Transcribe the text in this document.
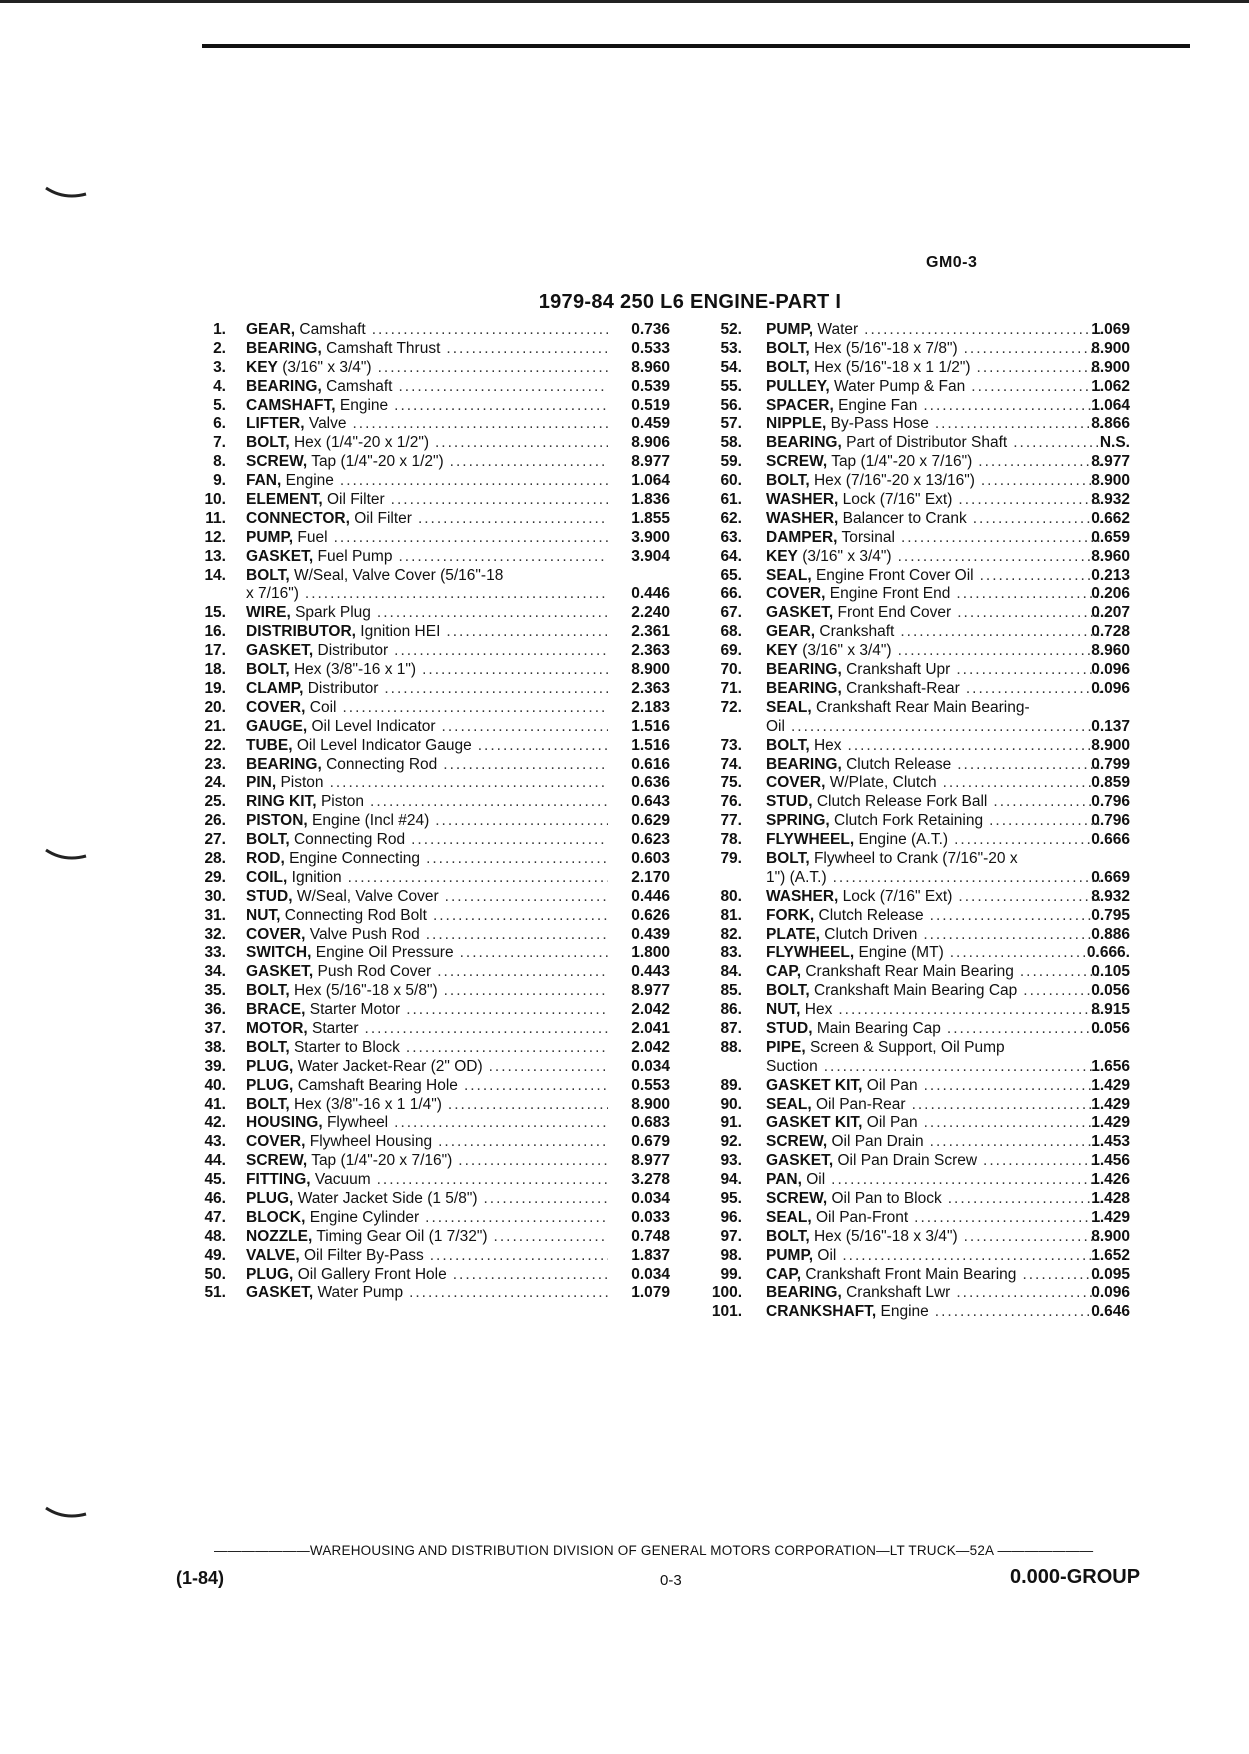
GM0-3
1979-84 250 L6 ENGINE-PART I
1. GEAR, Camshaft .....	0.736
2. BEARING, Camshaft Thrust .....	0.533
3. KEY (3/16" x 3/4") .....	8.960
4. BEARING, Camshaft .....	0.539
5. CAMSHAFT, Engine .....	0.519
6. LIFTER, Valve .....	0.459
7. BOLT, Hex (1/4"-20 x 1/2") .....	8.906
8. SCREW, Tap (1/4"-20 x 1/2") .....	8.977
9. FAN, Engine .....	1.064
10. ELEMENT, Oil Filter .....	1.836
11. CONNECTOR, Oil Filter .....	1.855
12. PUMP, Fuel .....	3.900
13. GASKET, Fuel Pump .....	3.904
14. BOLT, W/Seal, Valve Cover (5/16"-18
x 7/16") .....	0.446
15. WIRE, Spark Plug .....	2.240
16. DISTRIBUTOR, Ignition HEI .....	2.361
17. GASKET, Distributor .....	2.363
18. BOLT, Hex (3/8"-16 x 1") .....	8.900
19. CLAMP, Distributor .....	2.363
20. COVER, Coil .....	2.183
21. GAUGE, Oil Level Indicator .....	1.516
22. TUBE, Oil Level Indicator Gauge .....	1.516
23. BEARING, Connecting Rod .....	0.616
24. PIN, Piston .....	0.636
25. RING KIT, Piston .....	0.643
26. PISTON, Engine (Incl #24) .....	0.629
27. BOLT, Connecting Rod .....	0.623
28. ROD, Engine Connecting .....	0.603
29. COIL, Ignition .....	2.170
30. STUD, W/Seal, Valve Cover .....	0.446
31. NUT, Connecting Rod Bolt .....	0.626
32. COVER, Valve Push Rod .....	0.439
33. SWITCH, Engine Oil Pressure .....	1.800
34. GASKET, Push Rod Cover .....	0.443
35. BOLT, Hex (5/16"-18 x 5/8") .....	8.977
36. BRACE, Starter Motor .....	2.042
37. MOTOR, Starter .....	2.041
38. BOLT, Starter to Block .....	2.042
39. PLUG, Water Jacket-Rear (2" OD) .....	0.034
40. PLUG, Camshaft Bearing Hole .....	0.553
41. BOLT, Hex (3/8"-16 x 1 1/4") .....	8.900
42. HOUSING, Flywheel .....	0.683
43. COVER, Flywheel Housing .....	0.679
44. SCREW, Tap (1/4"-20 x 7/16") .....	8.977
45. FITTING, Vacuum .....	3.278
46. PLUG, Water Jacket Side (1 5/8") .....	0.034
47. BLOCK, Engine Cylinder .....	0.033
48. NOZZLE, Timing Gear Oil (1 7/32") .....	0.748
49. VALVE, Oil Filter By-Pass .....	1.837
50. PLUG, Oil Gallery Front Hole .....	0.034
51. GASKET, Water Pump .....	1.079
52. PUMP, Water .....	1.069
53. BOLT, Hex (5/16"-18 x 7/8") .....	8.900
54. BOLT, Hex (5/16"-18 x 1 1/2") .....	8.900
55. PULLEY, Water Pump & Fan .....	1.062
56. SPACER, Engine Fan .....	1.064
57. NIPPLE, By-Pass Hose .....	8.866
58. BEARING, Part of Distributor Shaft .....	N.S.
59. SCREW, Tap (1/4"-20 x 7/16") .....	8.977
60. BOLT, Hex (7/16"-20 x 13/16") .....	8.900
61. WASHER, Lock (7/16" Ext) .....	8.932
62. WASHER, Balancer to Crank .....	0.662
63. DAMPER, Torsinal .....	0.659
64. KEY (3/16" x 3/4") .....	8.960
65. SEAL, Engine Front Cover Oil .....	0.213
66. COVER, Engine Front End .....	0.206
67. GASKET, Front End Cover .....	0.207
68. GEAR, Crankshaft .....	0.728
69. KEY (3/16" x 3/4") .....	8.960
70. BEARING, Crankshaft Upr .....	0.096
71. BEARING, Crankshaft-Rear .....	0.096
72. SEAL, Crankshaft Rear Main Bearing-
Oil .....	0.137
73. BOLT, Hex .....	8.900
74. BEARING, Clutch Release .....	0.799
75. COVER, W/Plate, Clutch .....	0.859
76. STUD, Clutch Release Fork Ball .....	0.796
77. SPRING, Clutch Fork Retaining .....	0.796
78. FLYWHEEL, Engine (A.T.) .....	0.666
79. BOLT, Flywheel to Crank (7/16"-20 x
1") (A.T.) .....	0.669
80. WASHER, Lock (7/16" Ext) .....	8.932
81. FORK, Clutch Release .....	0.795
82. PLATE, Clutch Driven .....	0.886
83. FLYWHEEL, Engine (MT) .....	0.666.
84. CAP, Crankshaft Rear Main Bearing .....	0.105
85. BOLT, Crankshaft Main Bearing Cap .....	0.056
86. NUT, Hex .....	8.915
87. STUD, Main Bearing Cap .....	0.056
88. PIPE, Screen & Support, Oil Pump
Suction .....	1.656
89. GASKET KIT, Oil Pan .....	1.429
90. SEAL, Oil Pan-Rear .....	1.429
91. GASKET KIT, Oil Pan .....	1.429
92. SCREW, Oil Pan Drain .....	1.453
93. GASKET, Oil Pan Drain Screw .....	1.456
94. PAN, Oil .....	1.426
95. SCREW, Oil Pan to Block .....	1.428
96. SEAL, Oil Pan-Front .....	1.429
97. BOLT, Hex (5/16"-18 x 3/4") .....	8.900
98. PUMP, Oil .....	1.652
99. CAP, Crankshaft Front Main Bearing .....	0.095
100. BEARING, Crankshaft Lwr .....	0.096
101. CRANKSHAFT, Engine .....	0.646
———————WAREHOUSING AND DISTRIBUTION DIVISION OF GENERAL MOTORS CORPORATION—LT TRUCK—52A ———————
(1-84)	0-3	0.000-GROUP
